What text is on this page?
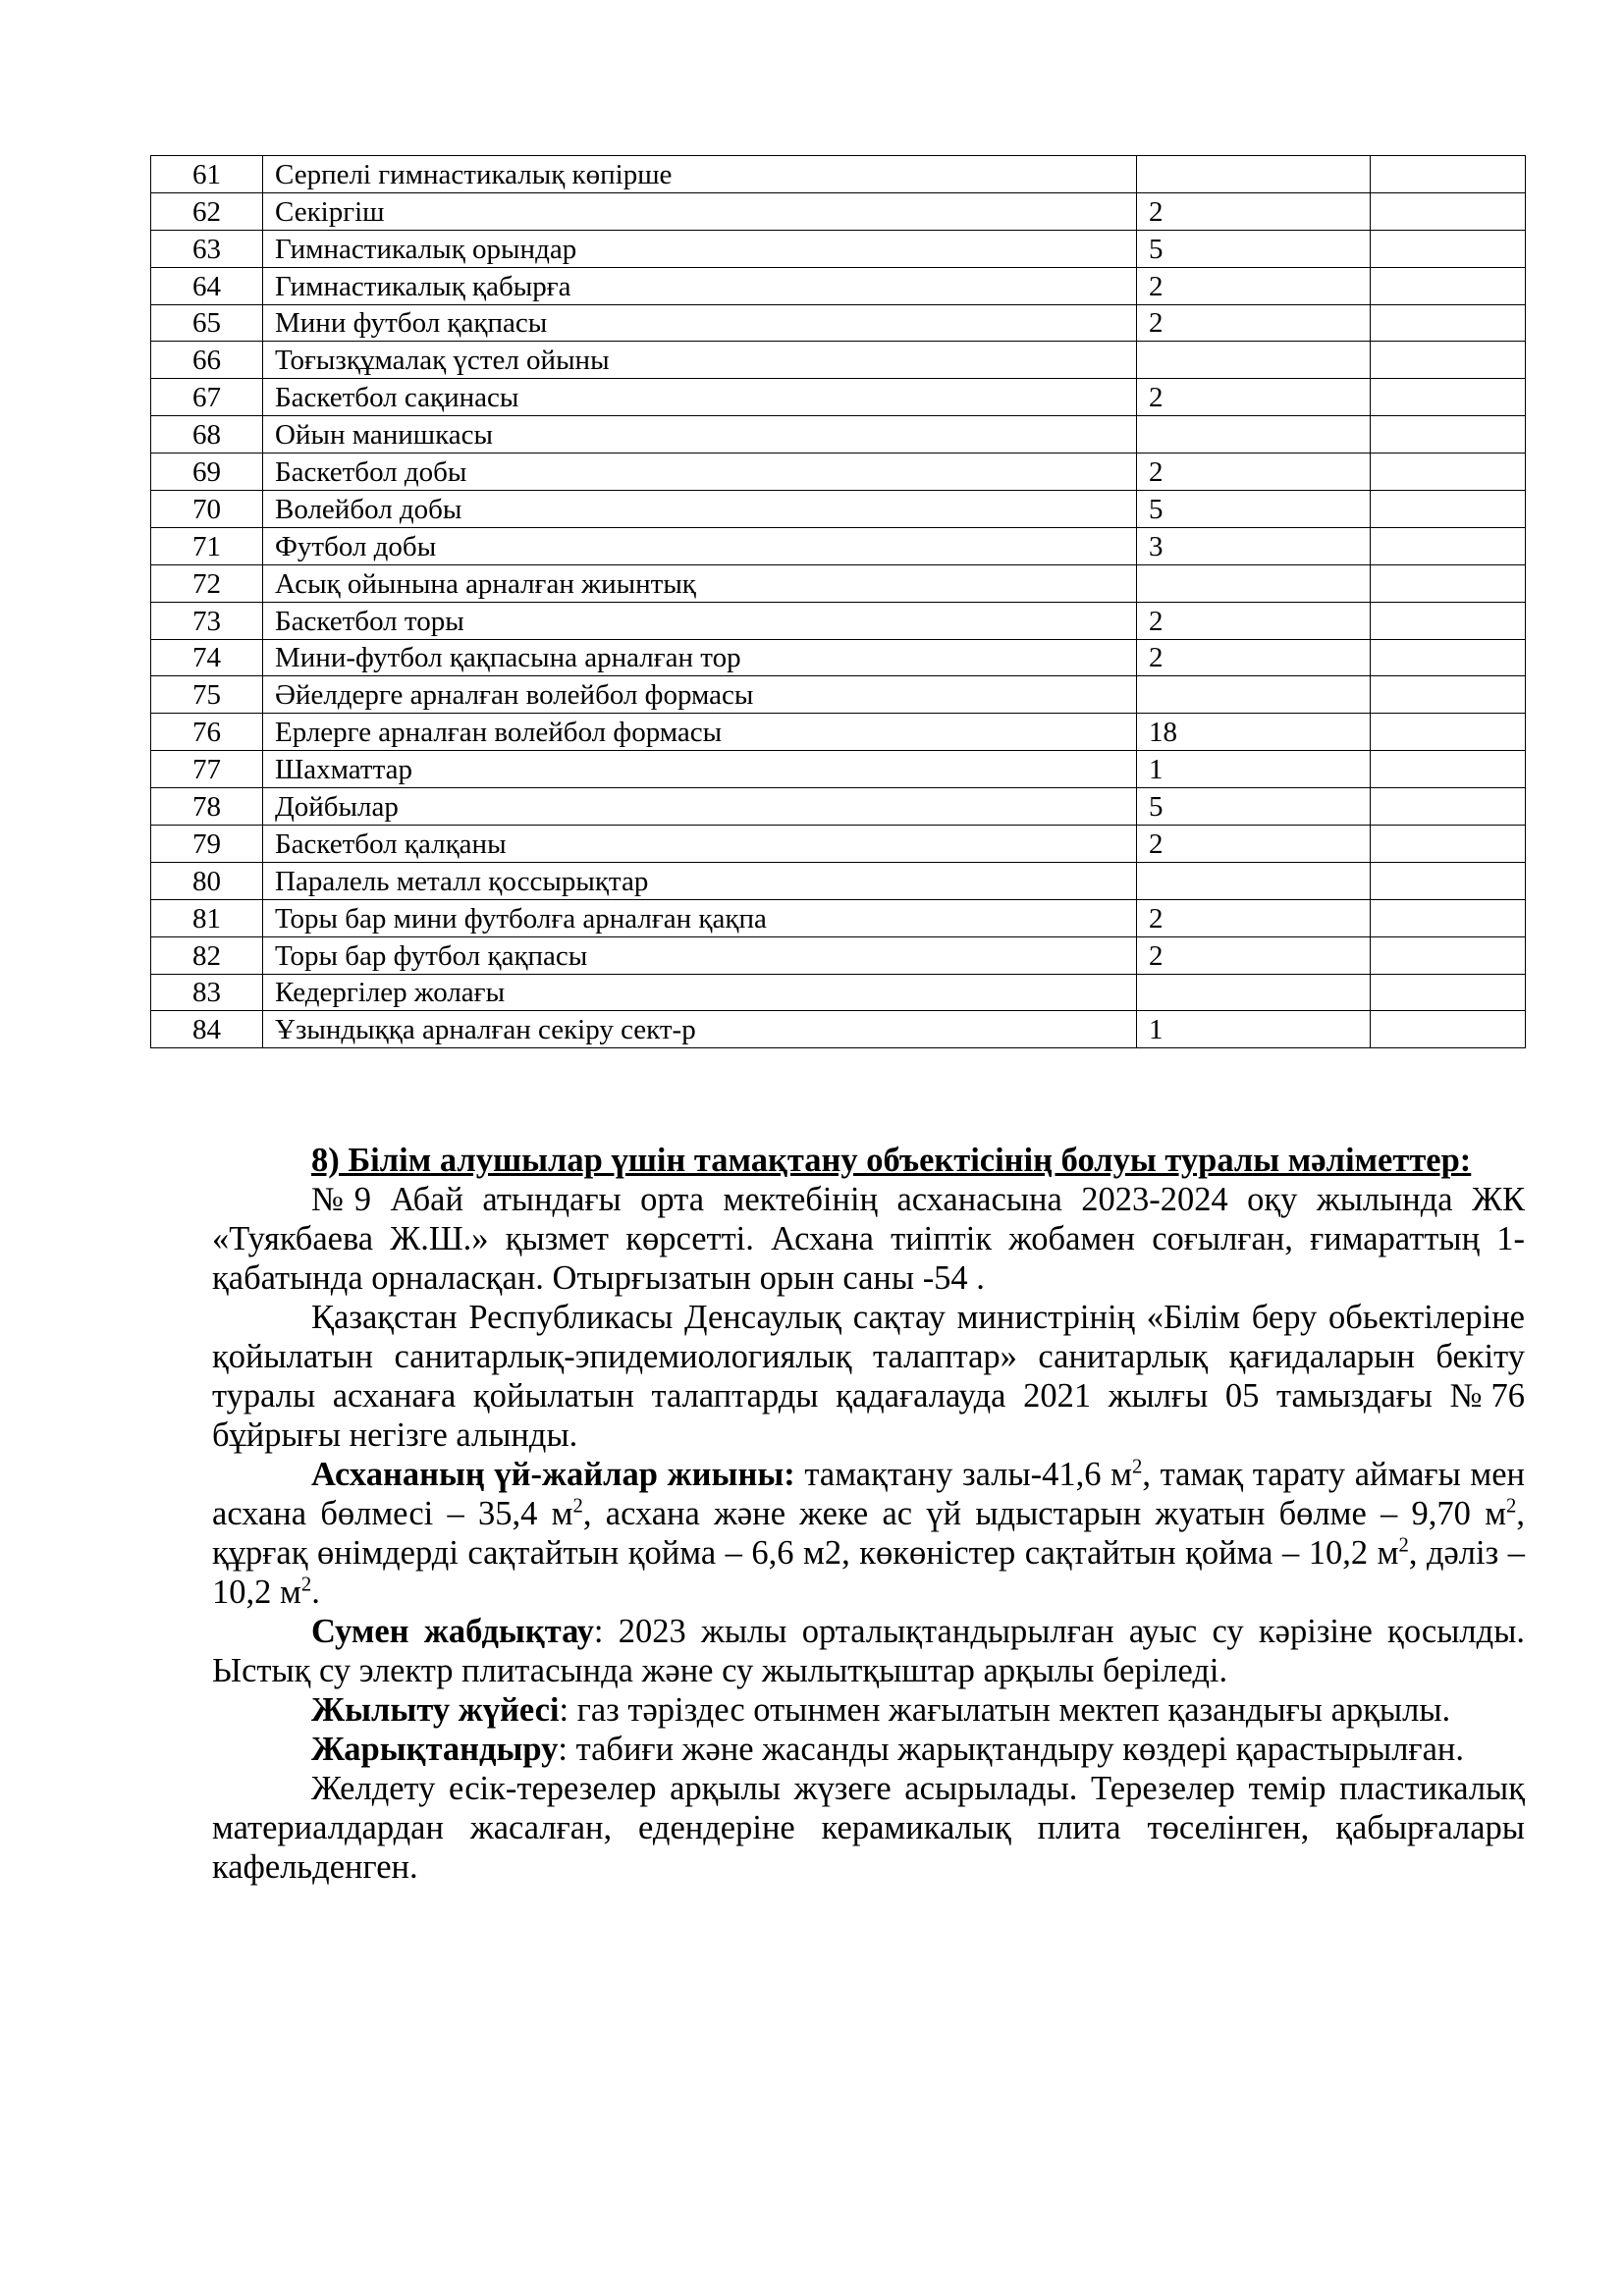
61	Серпелі гимнастикалық көпірше		
62	Секіргіш	2	
63	Гимнастикалық орындар	5	
64	Гимнастикалық қабырға	2	
65	Мини футбол қақпасы	2	
66	Тоғызқұмалақ үстел ойыны		
67	Баскетбол сақинасы	2	
68	Ойын манишкасы		
69	Баскетбол добы	2	
70	Волейбол добы	5	
71	Футбол добы	3	
72	Асық ойынына арналған жиынтық		
73	Баскетбол торы	2	
74	Мини-футбол қақпасына арналған тор	2	
75	Әйелдерге арналған волейбол формасы		
76	Ерлерге арналған волейбол формасы	18	
77	Шахматтар	1	
78	Дойбылар	5	
79	Баскетбол қалқаны	2	
80	Паралель металл қоссырықтар		
81	Торы бар мини футболға арналған қақпа	2	
82	Торы бар футбол қақпасы	2	
83	Кедергілер жолағы		
84	Ұзындыққа арналған секіру сект-р	1	

8) Білім алушылар үшін тамақтану объектісінің болуы туралы мәліметтер:

№9 Абай атындағы орта мектебінің асханасына 2023-2024 оқу жылында ЖК «Туякбаева Ж.Ш.» қызмет көрсетті. Асхана тиіптік жобамен соғылған, ғимараттың 1-қабатында орналасқан. Отырғызатын орын саны -54 .

Қазақстан Республикасы Денсаулық сақтау министрінің «Білім беру обьектілеріне қойылатын санитарлық-эпидемиологиялық талаптар» санитарлық қағидаларын бекіту туралы асханаға қойылатын талаптарды қадағалауда 2021 жылғы 05 тамыздағы №76 бұйрығы негізге алынды.

Асхананың үй-жайлар жиыны: тамақтану залы-41,6 $м^2$, тамақ тарату аймағы мен асхана бөлмесі – 35,4 $м^2$, асхана және жеке ас үй ыдыстарын жуатын бөлме – 9,70 $м^2$, құрғақ өнімдерді сақтайтын қойма – 6,6 м2, көкөністер сақтайтын қойма – 10,2 $м^2$, дәліз – 10,2 $м^2$.

Сумен жабдықтау: 2023 жылы орталықтандырылған ауыс су кәрізіне қосылды. Ыстық су электр плитасында және су жылытқыштар арқылы беріледі.

Жылыту жүйесі: газ тәріздес отынмен жағылатын мектеп қазандығы арқылы.

Жарықтандыру: табиғи және жасанды жарықтандыру көздері қарастырылған.

Желдету есік-терезелер арқылы жүзеге асырылады. Терезелер темір пластикалық материалдардан жасалған, едендеріне керамикалық плита төселінген, қабырғалары кафельденген.
